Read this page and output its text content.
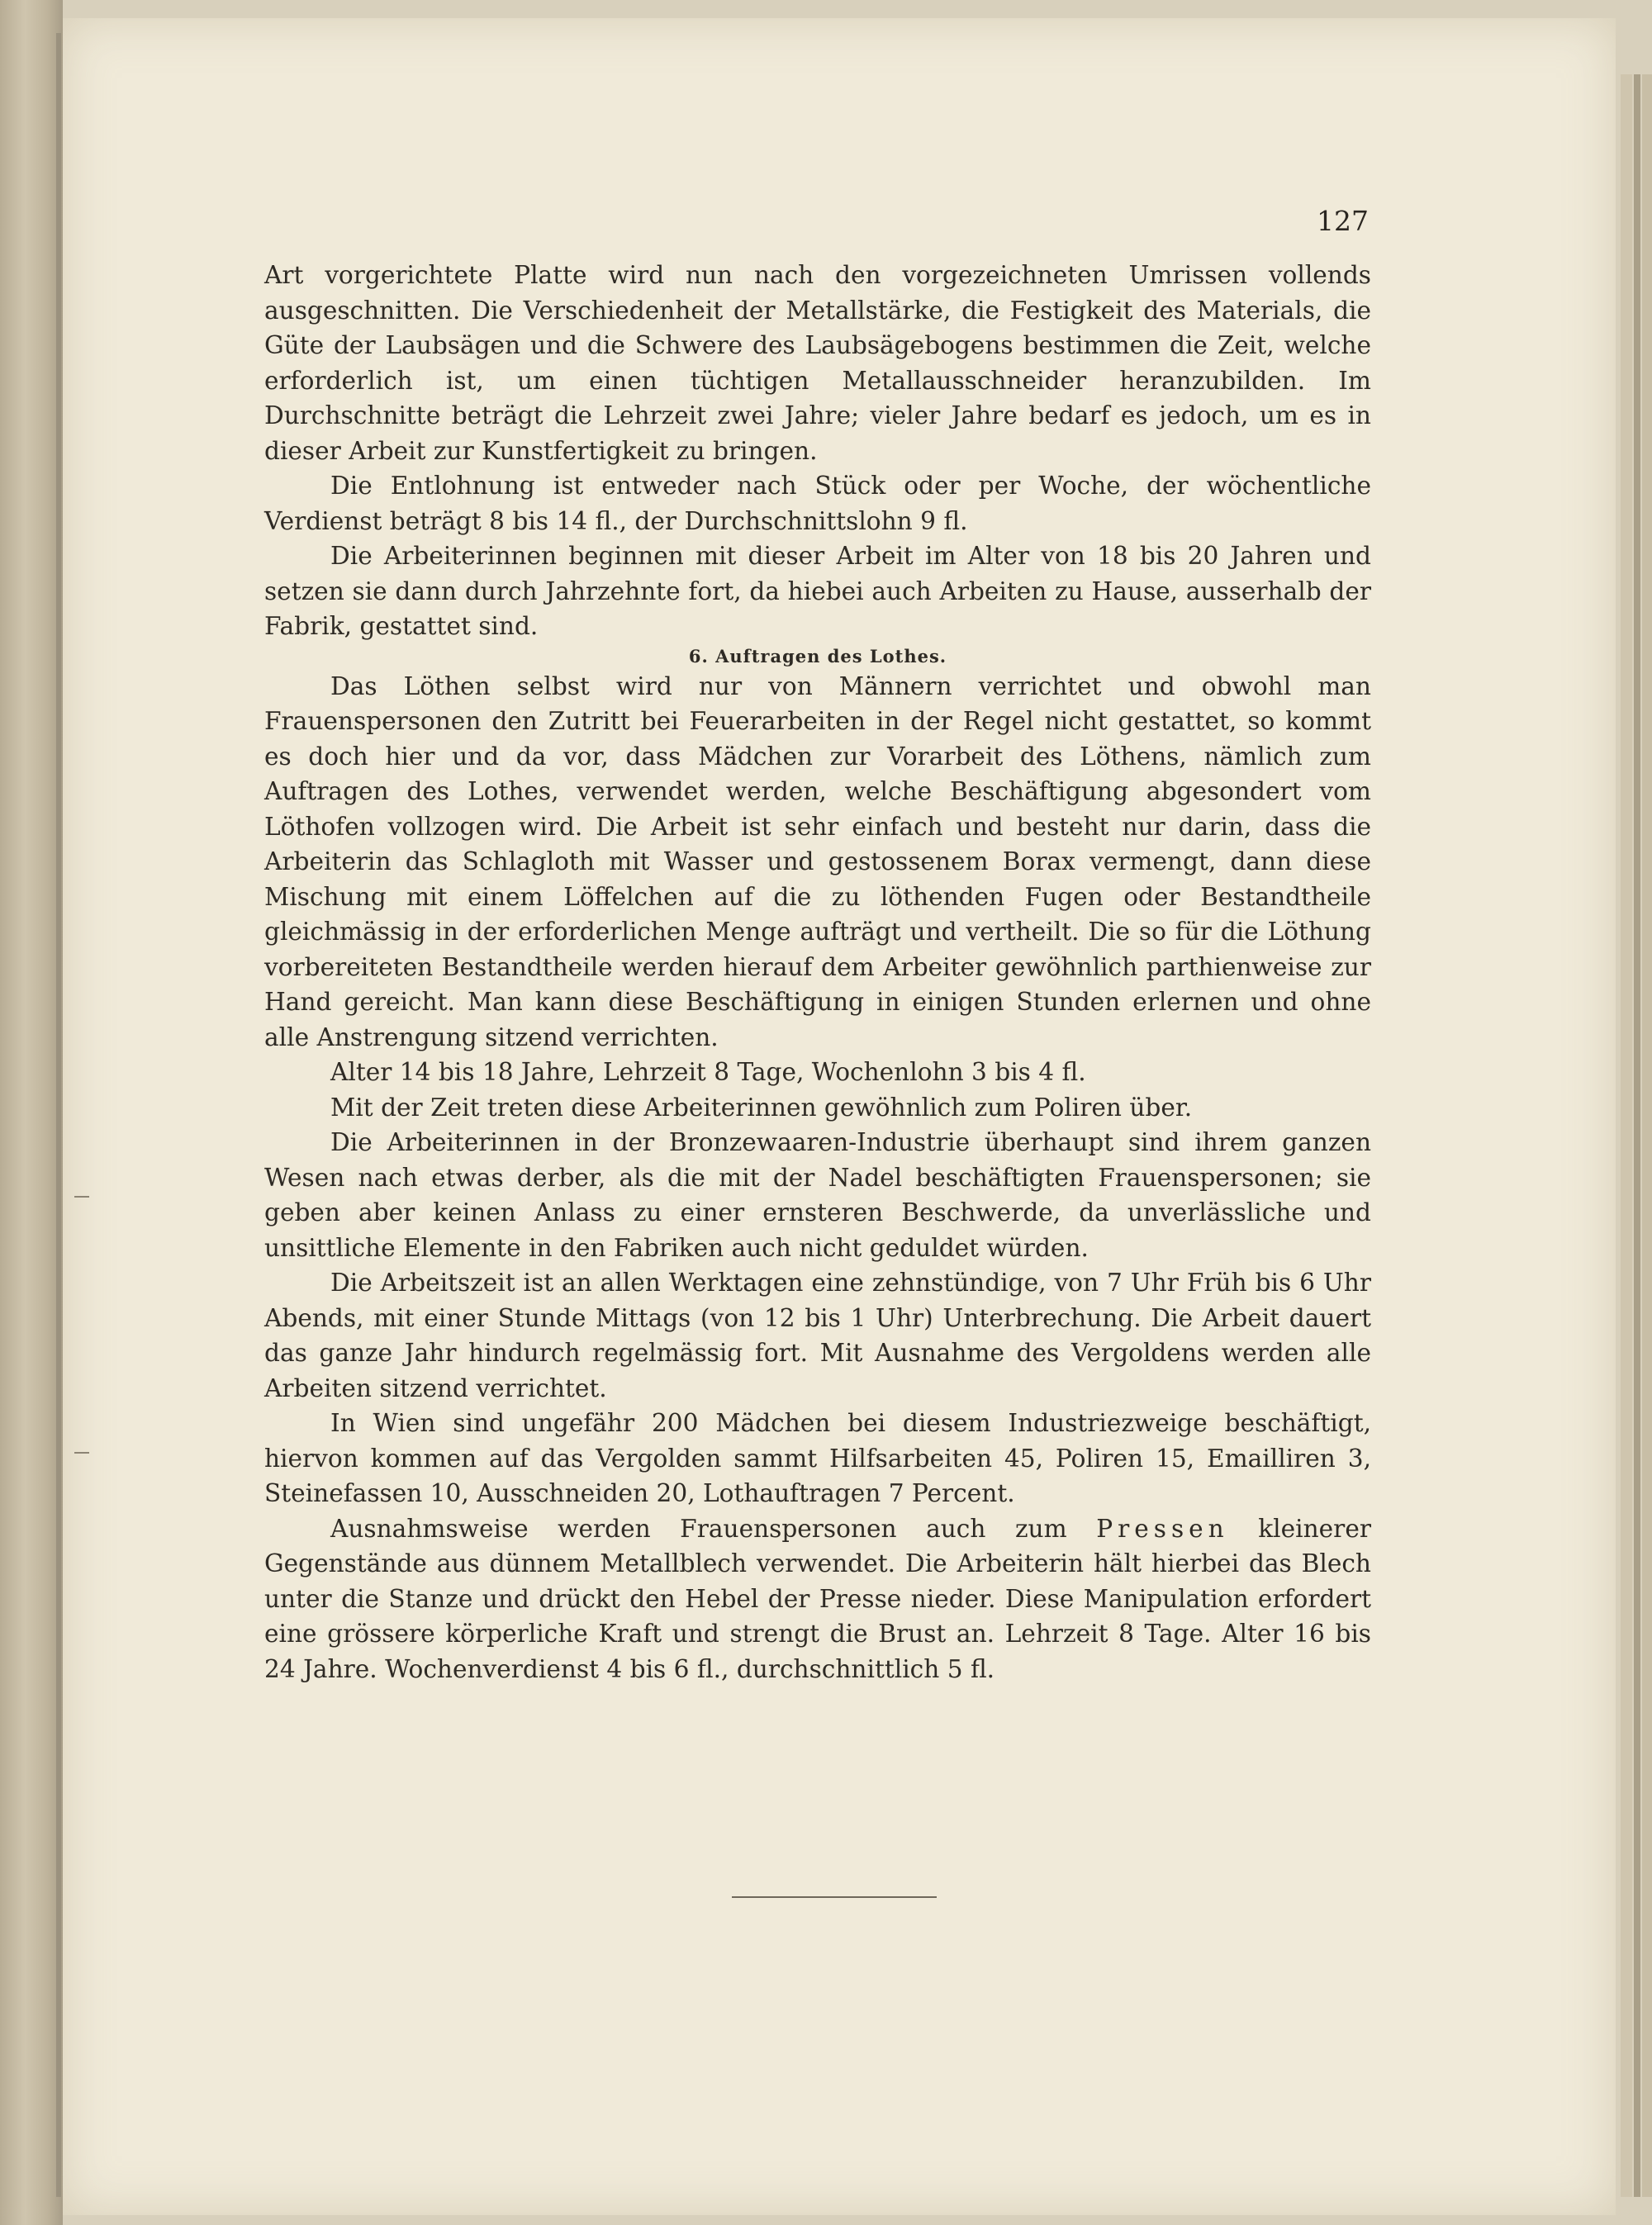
127

Art vorgerichtete Platte wird nun nach den vorgezeichneten Umrissen vollends ausgeschnitten. Die Verschiedenheit der Metallstärke, die Festigkeit des Materials, die Güte der Laubsägen und die Schwere des Laubsägebogens bestimmen die Zeit, welche erforderlich ist, um einen tüchtigen Metallausschneider heranzubilden. Im Durchschnitte beträgt die Lehrzeit zwei Jahre; vieler Jahre bedarf es jedoch, um es in dieser Arbeit zur Kunstfertigkeit zu bringen.

Die Entlohnung ist entweder nach Stück oder per Woche, der wöchentliche Verdienst beträgt 8 bis 14 fl., der Durchschnittslohn 9 fl.

Die Arbeiterinnen beginnen mit dieser Arbeit im Alter von 18 bis 20 Jahren und setzen sie dann durch Jahrzehnte fort, da hiebei auch Arbeiten zu Hause, ausserhalb der Fabrik, gestattet sind.

6. Auftragen des Lothes.

Das Löthen selbst wird nur von Männern verrichtet und obwohl man Frauenspersonen den Zutritt bei Feuerarbeiten in der Regel nicht gestattet, so kommt es doch hier und da vor, dass Mädchen zur Vorarbeit des Löthens, nämlich zum Auftragen des Lothes, verwendet werden, welche Beschäftigung abgesondert vom Löthofen vollzogen wird. Die Arbeit ist sehr einfach und besteht nur darin, dass die Arbeiterin das Schlagloth mit Wasser und gestossenem Borax vermengt, dann diese Mischung mit einem Löffelchen auf die zu löthenden Fugen oder Bestandtheile gleichmässig in der erforderlichen Menge aufträgt und vertheilt. Die so für die Löthung vorbereiteten Bestandtheile werden hierauf dem Arbeiter gewöhnlich parthienweise zur Hand gereicht. Man kann diese Beschäftigung in einigen Stunden erlernen und ohne alle Anstrengung sitzend verrichten.

Alter 14 bis 18 Jahre, Lehrzeit 8 Tage, Wochenlohn 3 bis 4 fl.

Mit der Zeit treten diese Arbeiterinnen gewöhnlich zum Poliren über.

Die Arbeiterinnen in der Bronzewaaren-Industrie überhaupt sind ihrem ganzen Wesen nach etwas derber, als die mit der Nadel beschäftigten Frauenspersonen; sie geben aber keinen Anlass zu einer ernsteren Beschwerde, da unverlässliche und unsittliche Elemente in den Fabriken auch nicht geduldet würden.

Die Arbeitszeit ist an allen Werktagen eine zehnstündige, von 7 Uhr Früh bis 6 Uhr Abends, mit einer Stunde Mittags (von 12 bis 1 Uhr) Unterbrechung. Die Arbeit dauert das ganze Jahr hindurch regelmässig fort. Mit Ausnahme des Vergoldens werden alle Arbeiten sitzend verrichtet.

In Wien sind ungefähr 200 Mädchen bei diesem Industriezweige beschäftigt, hiervon kommen auf das Vergolden sammt Hilfsarbeiten 45, Poliren 15, Emailliren 3, Steinefassen 10, Ausschneiden 20, Lothauftragen 7 Percent.

Ausnahmsweise werden Frauenspersonen auch zum Pressen kleinerer Gegenstände aus dünnem Metallblech verwendet. Die Arbeiterin hält hierbei das Blech unter die Stanze und drückt den Hebel der Presse nieder. Diese Manipulation erfordert eine grössere körperliche Kraft und strengt die Brust an. Lehrzeit 8 Tage. Alter 16 bis 24 Jahre. Wochenverdienst 4 bis 6 fl., durchschnittlich 5 fl.
